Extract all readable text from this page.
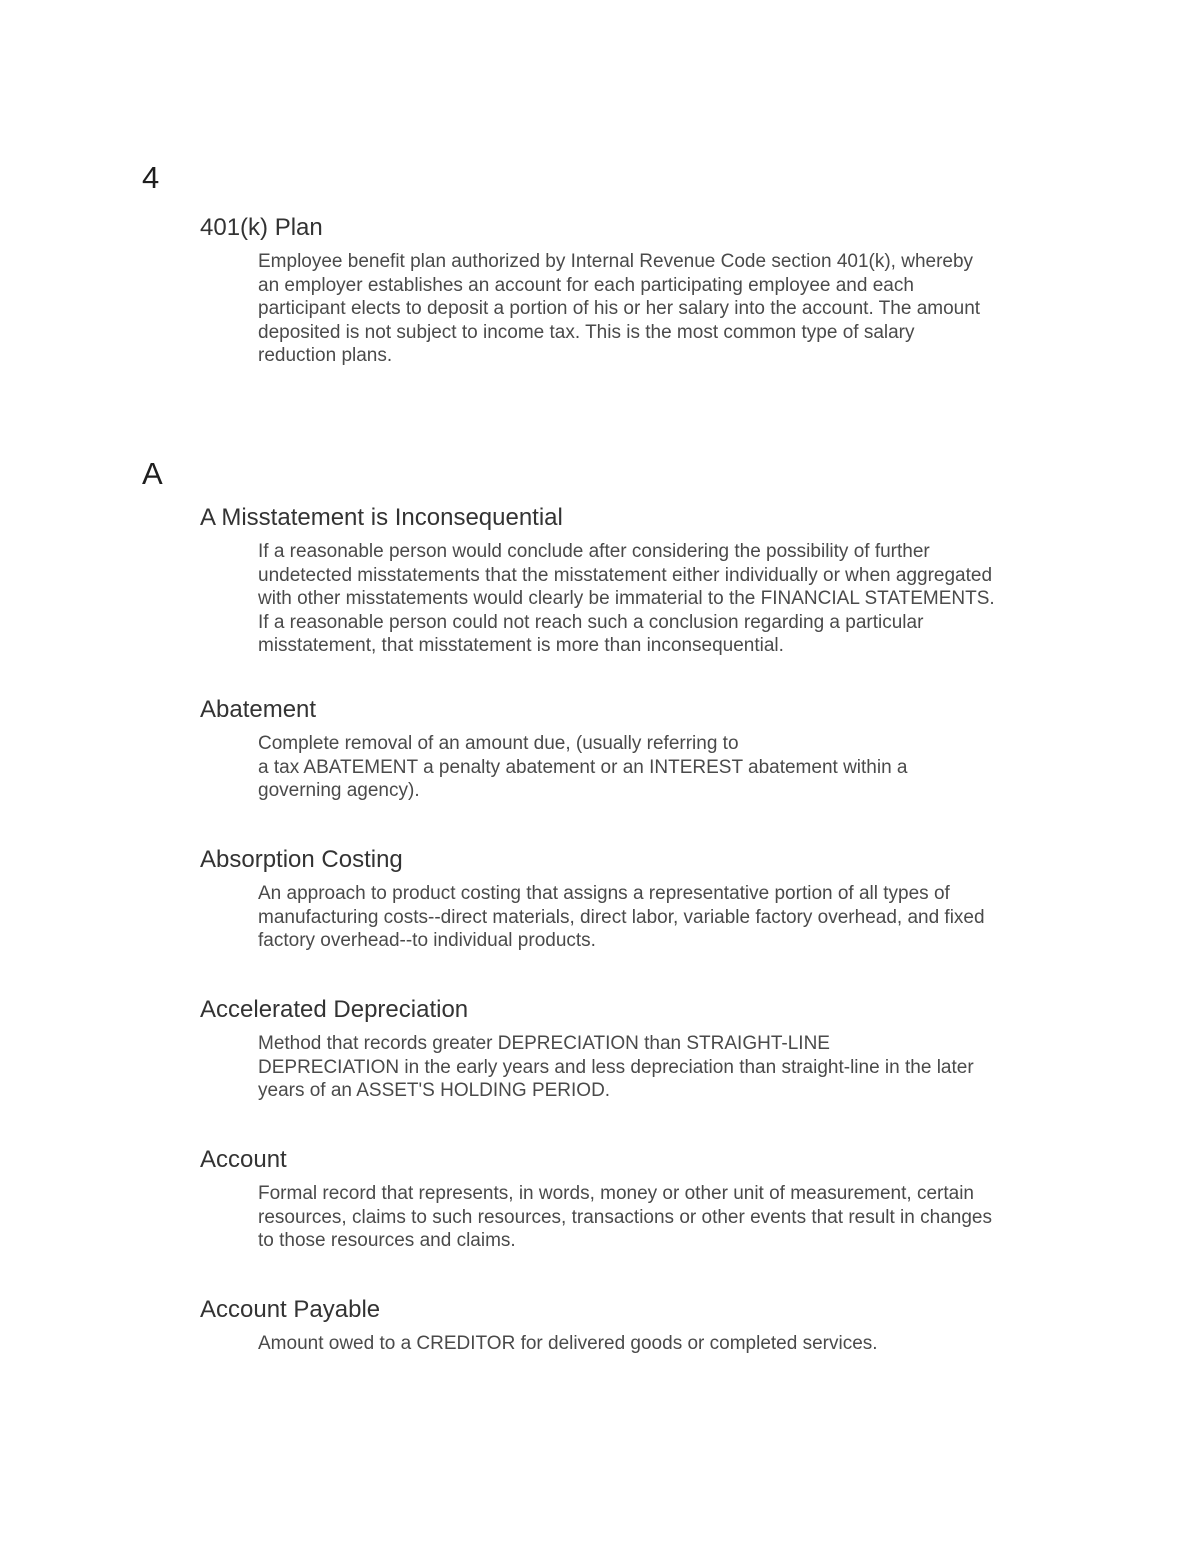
4
401(k) Plan
Employee benefit plan authorized by Internal Revenue Code section 401(k), whereby
an employer establishes an account for each participating employee and each
participant elects to deposit a portion of his or her salary into the account. The amount
deposited is not subject to income tax. This is the most common type of salary
reduction plans.
A
A Misstatement is Inconsequential
If a reasonable person would conclude after considering the possibility of further
undetected misstatements that the misstatement either individually or when aggregated
with other misstatements would clearly be immaterial to the FINANCIAL STATEMENTS.
If a reasonable person could not reach such a conclusion regarding a particular
misstatement, that misstatement is more than inconsequential.
Abatement
Complete removal of an amount due, (usually referring to
a tax ABATEMENT a penalty abatement or an INTEREST abatement within a
governing agency).
Absorption Costing
An approach to product costing that assigns a representative portion of all types of
manufacturing costs--direct materials, direct labor, variable factory overhead, and fixed
factory overhead--to individual products.
Accelerated Depreciation
Method that records greater DEPRECIATION than STRAIGHT-LINE
DEPRECIATION in the early years and less depreciation than straight-line in the later
years of an ASSET'S HOLDING PERIOD.
Account
Formal record that represents, in words, money or other unit of measurement, certain
resources, claims to such resources, transactions or other events that result in changes
to those resources and claims.
Account Payable
Amount owed to a CREDITOR for delivered goods or completed services.
